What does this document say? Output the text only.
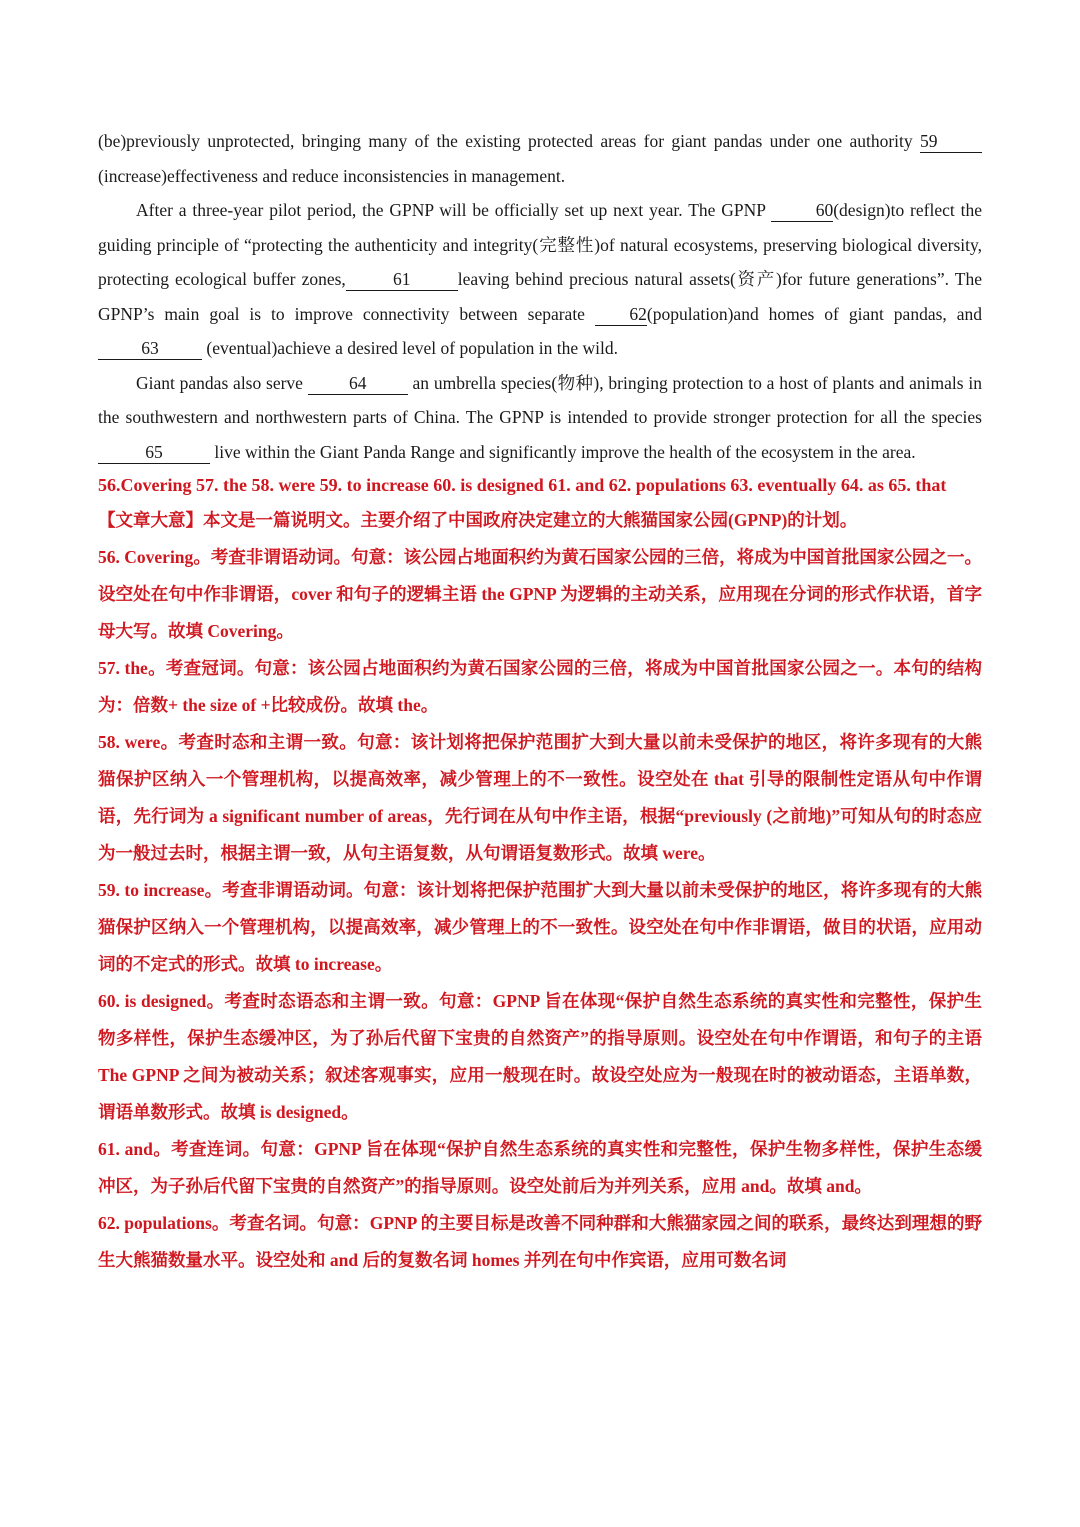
(be)previously unprotected, bringing many of the existing protected areas for giant pandas under one authority 59(increase)effectiveness and reduce inconsistencies in management.

After a three-year pilot period, the GPNP will be officially set up next year. The GPNP	60(design)to reflect the guiding principle of “protecting the authenticity and integrity(完整性)of natural ecosystems, preserving biological diversity, protecting ecological buffer zones,	61	leaving behind precious natural assets(资产)for future generations”. The GPNP’s main goal is to improve connectivity between separate 62(population)and homes of giant pandas, and 63 (eventual)achieve a desired level of population in the wild.

Giant pandas also serve 64 an umbrella species(物种), bringing protection to a host of plants and animals in the southwestern and northwestern parts of China. The GPNP is intended to provide stronger protection for all the species 65	live within the Giant Panda Range and significantly improve the health of the ecosystem in the area.

56.Covering 57. the 58. were 59. to increase 60. is designed 61. and 62. populations 63. eventually 64. as 65. that

【文章大意】本文是一篇说明文。主要介绍了中国政府决定建立的大熊猫国家公园(GPNP)的计划。

56. Covering。考查非谓语动词。句意：该公园占地面积约为黄石国家公园的三倍，将成为中国首批国家公园之一。设空处在句中作非谓语，cover 和句子的逻辑主语 the GPNP 为逻辑的主动关系，应用现在分词的形式作状语，首字母大写。故填 Covering。

57. the。考查冠词。句意：该公园占地面积约为黄石国家公园的三倍，将成为中国首批国家公园之一。本句的结构为：倍数+ the size of +比较成份。故填 the。

58. were。考查时态和主谓一致。句意：该计划将把保护范围扩大到大量以前未受保护的地区，将许多现有的大熊猫保护区纳入一个管理机构，以提高效率，减少管理上的不一致性。设空处在 that 引导的限制性定语从句中作谓语，先行词为 a significant number of areas，先行词在从句中作主语，根据“previously (之前地)”可知从句的时态应为一般过去时，根据主谓一致，从句主语复数，从句谓语复数形式。故填 were。

59. to increase。考查非谓语动词。句意：该计划将把保护范围扩大到大量以前未受保护的地区，将许多现有的大熊猫保护区纳入一个管理机构，以提高效率，减少管理上的不一致性。设空处在句中作非谓语，做目的状语，应用动词的不定式的形式。故填 to increase。

60. is designed。考查时态语态和主谓一致。句意：GPNP 旨在体现“保护自然生态系统的真实性和完整性，保护生物多样性，保护生态缓冲区，为了孙后代留下宝贵的自然资产”的指导原则。设空处在句中作谓语，和句子的主语 The GPNP 之间为被动关系；叙述客观事实，应用一般现在时。故设空处应为一般现在时的被动语态，主语单数，谓语单数形式。故填 is designed。

61. and。考查连词。句意：GPNP 旨在体现“保护自然生态系统的真实性和完整性，保护生物多样性，保护生态缓冲区，为子孙后代留下宝贵的自然资产”的指导原则。设空处前后为并列关系，应用 and。故填 and。

62. populations。考查名词。句意：GPNP 的主要目标是改善不同种群和大熊猫家园之间的联系，最终达到理想的野生大熊猫数量水平。设空处和 and 后的复数名词 homes 并列在句中作宾语，应用可数名词
